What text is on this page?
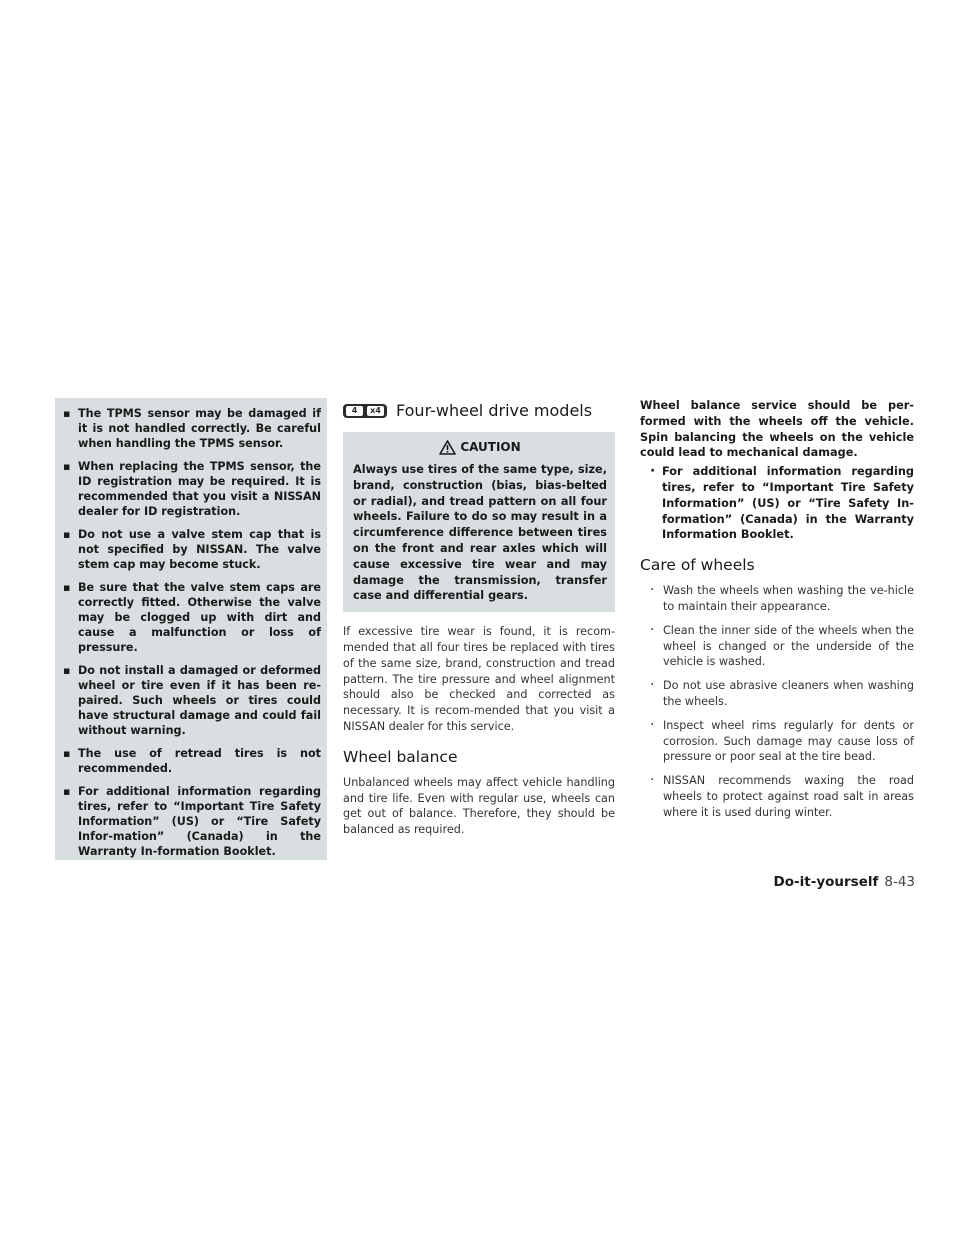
▪ The TPMS sensor may be damaged if it is not handled correctly. Be careful when handling the TPMS sensor.
▪ When replacing the TPMS sensor, the ID registration may be required. It is recommended that you visit a NISSAN dealer for ID registration.
▪ Do not use a valve stem cap that is not specified by NISSAN. The valve stem cap may become stuck.
▪ Be sure that the valve stem caps are correctly fitted. Otherwise the valve may be clogged up with dirt and cause a malfunction or loss of pressure.
▪ Do not install a damaged or deformed wheel or tire even if it has been re-paired. Such wheels or tires could have structural damage and could fail without warning.
▪ The use of retread tires is not recommended.
▪ For additional information regarding tires, refer to “Important Tire Safety Information” (US) or “Tire Safety Infor-mation” (Canada) in the Warranty In-formation Booklet.
4	x4 Four-wheel drive models
CAUTION
Always use tires of the same type, size, brand, construction (bias, bias-belted or radial), and tread pattern on all four wheels. Failure to do so may result in a circumference difference between tires on the front and rear axles which will cause excessive tire wear and may damage the transmission, transfer case and differential gears.

If excessive tire wear is found, it is recom-mended that all four tires be replaced with tires of the same size, brand, construction and tread pattern. The tire pressure and wheel alignment should also be checked and corrected as necessary. It is recom-mended that you visit a NISSAN dealer for this service.

Wheel balance

Unbalanced wheels may affect vehicle handling and tire life. Even with regular use, wheels can get out of balance. Therefore, they should be balanced as required.

Wheel balance service should be per-formed with the wheels off the vehicle. Spin balancing the wheels on the vehicle could lead to mechanical damage.

· For additional information regarding tires, refer to “Important Tire Safety Information” (US) or “Tire Safety In-formation” (Canada) in the Warranty Information Booklet.
Care of wheels
· Wash the wheels when washing the ve-hicle to maintain their appearance.
· Clean the inner side of the wheels when the wheel is changed or the underside of the vehicle is washed.
· Do not use abrasive cleaners when washing the wheels.
· Inspect wheel rims regularly for dents or corrosion. Such damage may cause loss of pressure or poor seal at the tire bead.
· NISSAN recommends waxing the road wheels to protect against road salt in areas where it is used during winter.
Do-it-yourself 8-43
